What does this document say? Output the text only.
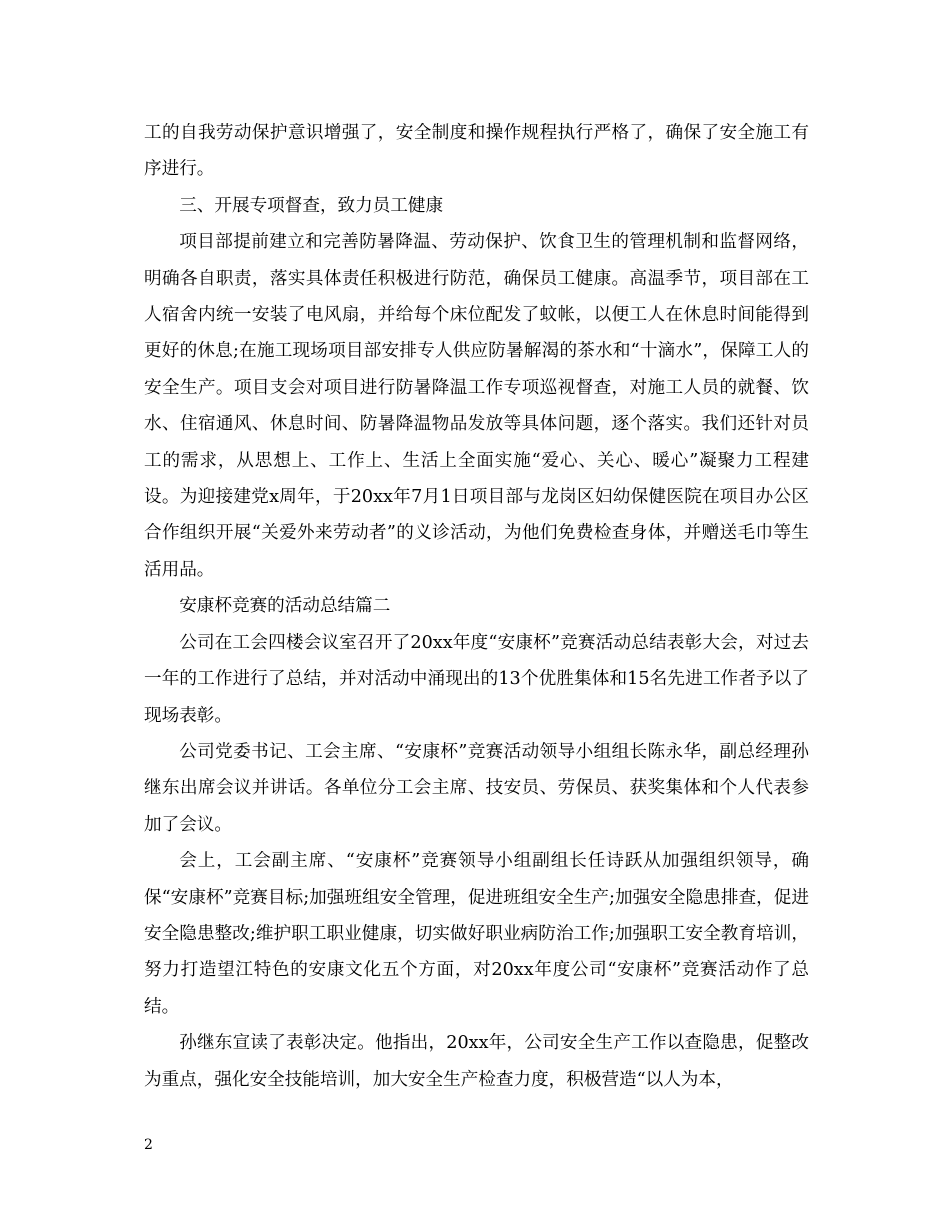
工的自我劳动保护意识增强了，安全制度和操作规程执行严格了，确保了安全施工有序进行。

三、开展专项督查，致力员工健康

项目部提前建立和完善防暑降温、劳动保护、饮食卫生的管理机制和监督网络，明确各自职责，落实具体责任积极进行防范，确保员工健康。高温季节，项目部在工人宿舍内统一安装了电风扇，并给每个床位配发了蚊帐，以便工人在休息时间能得到更好的休息;在施工现场项目部安排专人供应防暑解渴的茶水和“十滴水”，保障工人的安全生产。项目支会对项目进行防暑降温工作专项巡视督查，对施工人员的就餐、饮水、住宿通风、休息时间、防暑降温物品发放等具体问题，逐个落实。我们还针对员工的需求，从思想上、工作上、生活上全面实施“爱心、关心、暖心”凝聚力工程建设。为迎接建党x周年，于20xx年7月1日项目部与龙岗区妇幼保健医院在项目办公区合作组织开展“关爱外来劳动者”的义诊活动，为他们免费检查身体，并赠送毛巾等生活用品。

安康杯竞赛的活动总结篇二

公司在工会四楼会议室召开了20xx年度“安康杯”竞赛活动总结表彰大会，对过去一年的工作进行了总结，并对活动中涌现出的13个优胜集体和15名先进工作者予以了现场表彰。

公司党委书记、工会主席、“安康杯”竞赛活动领导小组组长陈永华，副总经理孙继东出席会议并讲话。各单位分工会主席、技安员、劳保员、获奖集体和个人代表参加了会议。

会上，工会副主席、“安康杯”竞赛领导小组副组长任诗跃从加强组织领导，确保“安康杯”竞赛目标;加强班组安全管理，促进班组安全生产;加强安全隐患排查，促进安全隐患整改;维护职工职业健康，切实做好职业病防治工作;加强职工安全教育培训，努力打造望江特色的安康文化五个方面，对20xx年度公司“安康杯”竞赛活动作了总结。

孙继东宣读了表彰决定。他指出，20xx年，公司安全生产工作以查隐患，促整改为重点，强化安全技能培训，加大安全生产检查力度，积极营造“以人为本，

2
